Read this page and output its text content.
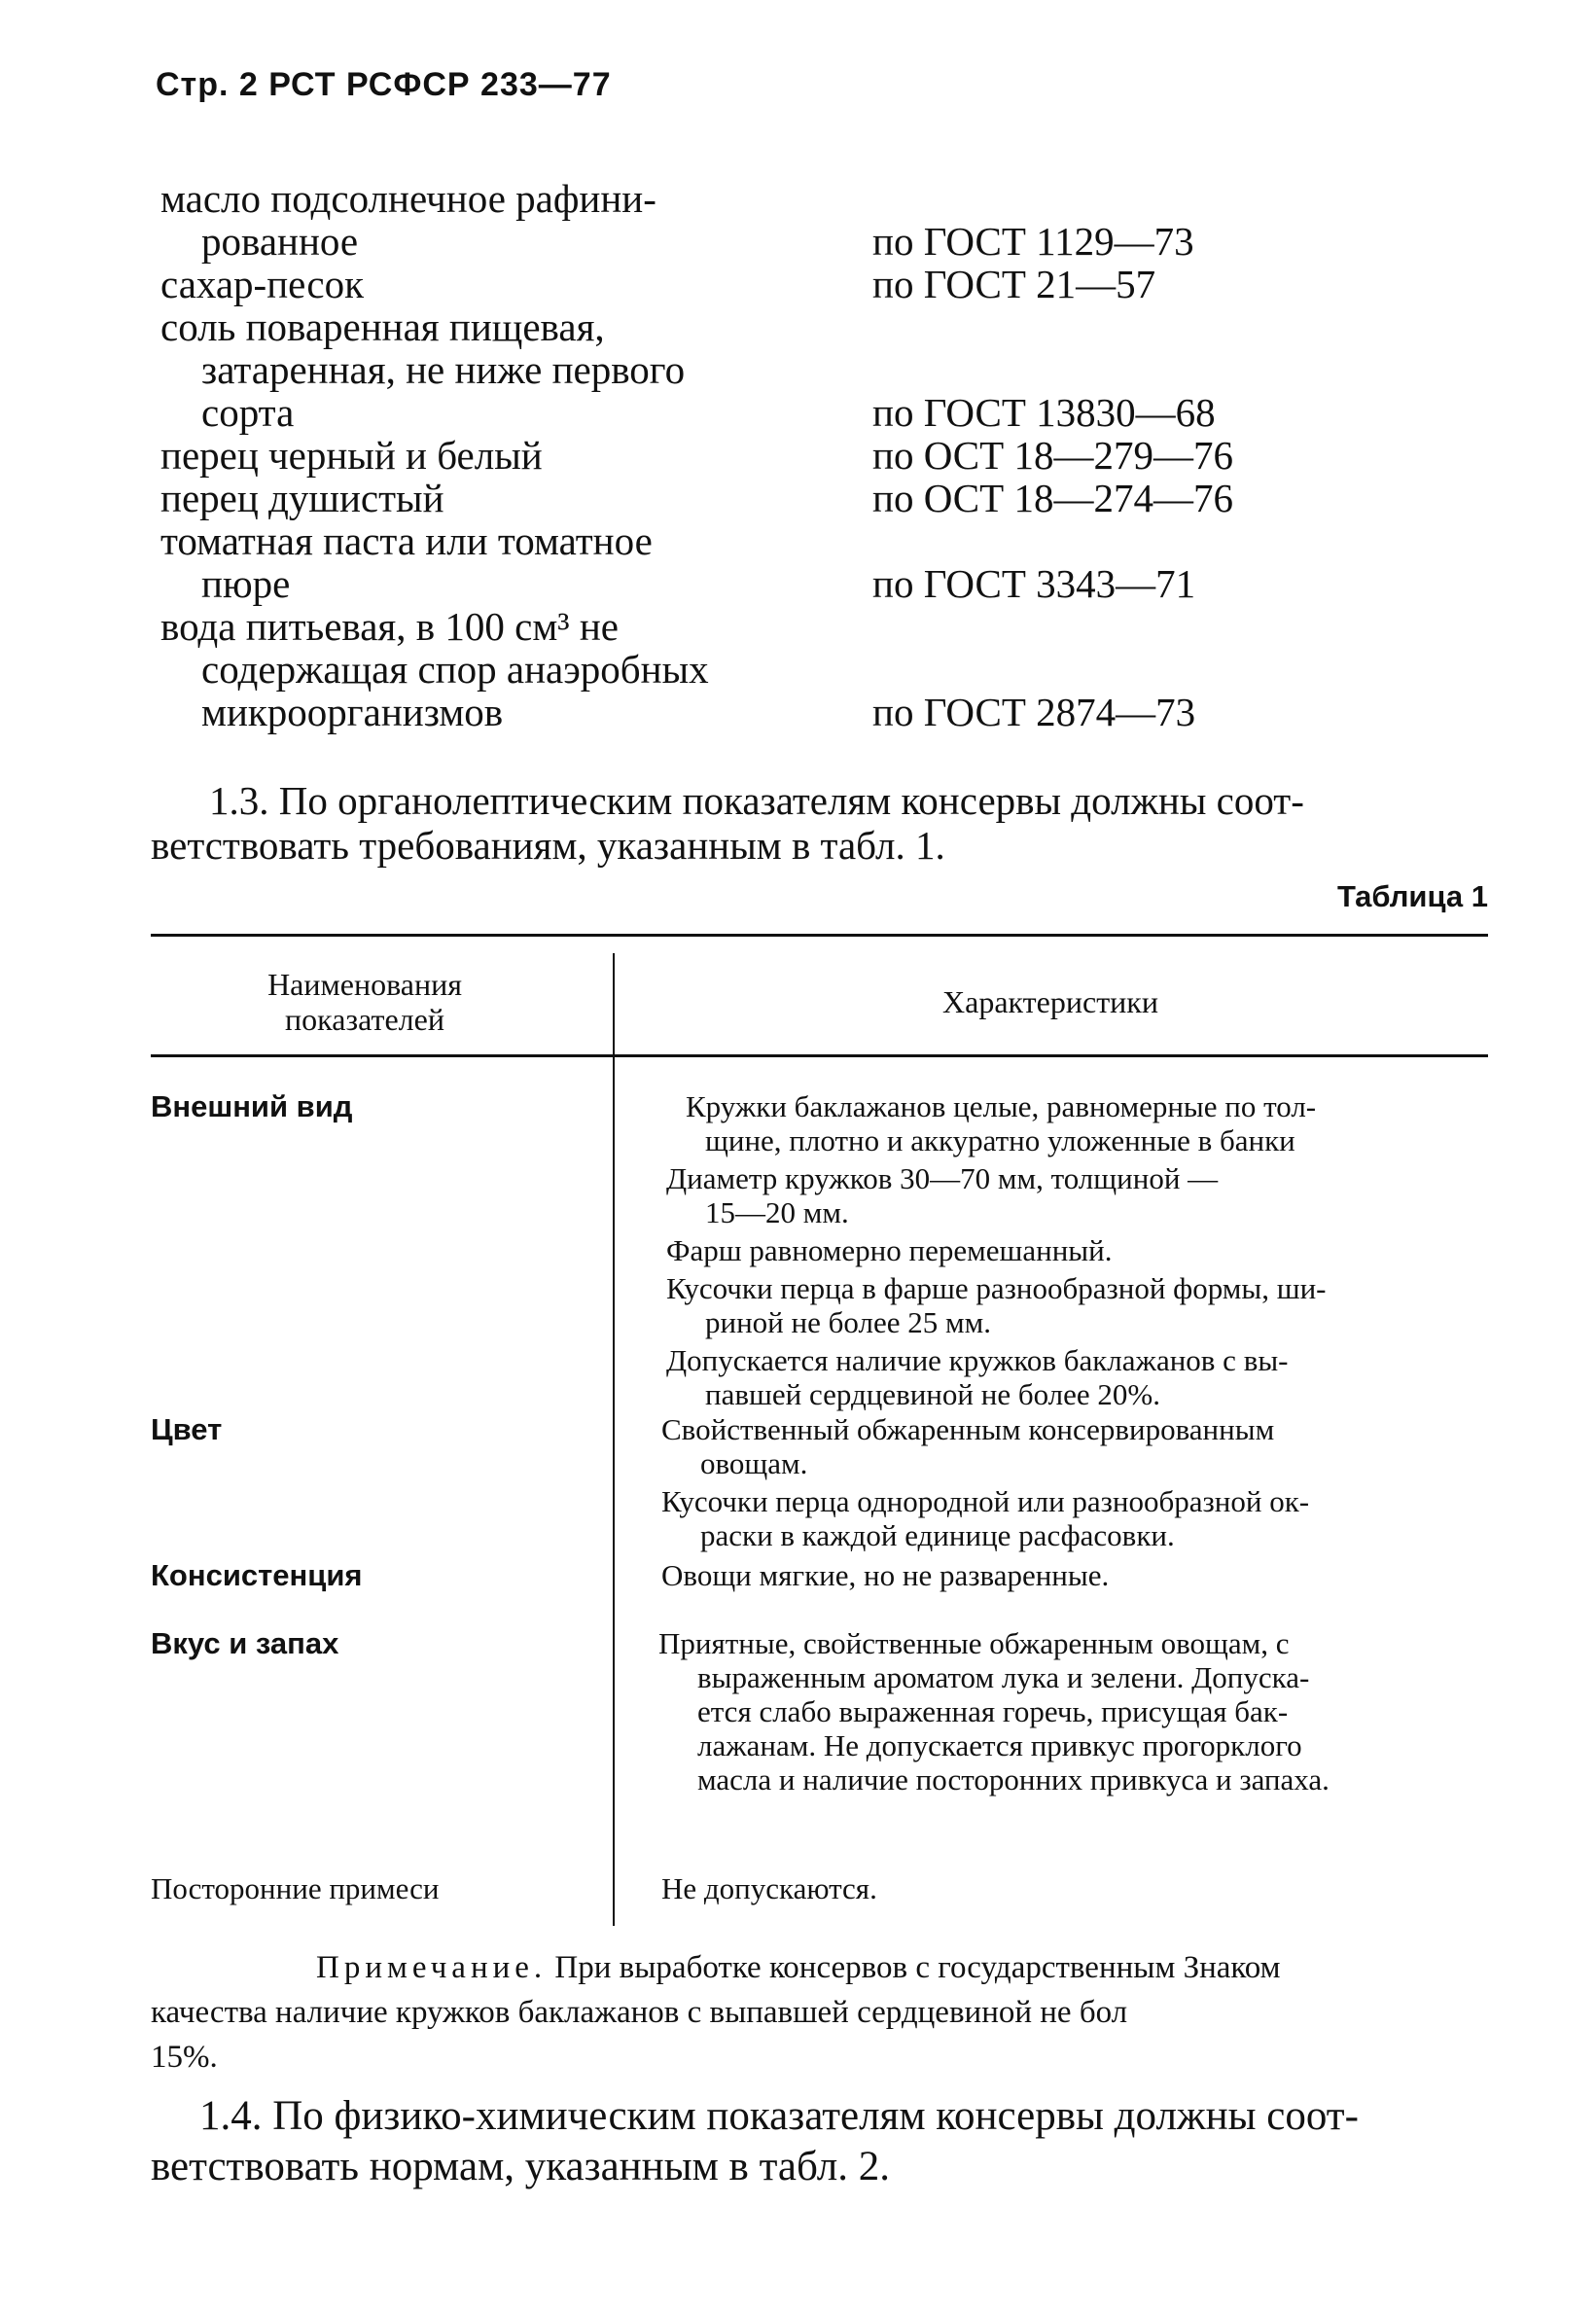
Стр. 2 РСТ РСФСР 233—77
масло подсолнечное рафини-
рованное	по ГОСТ 1129—73
сахар-песок	по ГОСТ 21—57
соль поваренная пищевая,
затаренная, не ниже первого
сорта	по ГОСТ 13830—68
перец черный и белый	по ОСТ 18—279—76
перец душистый	по ОСТ 18—274—76
томатная паста или томатное
пюре	по ГОСТ 3343—71
вода питьевая, в 100 см³ не
содержащая спор анаэробных
микроорганизмов	по ГОСТ 2874—73
1.3. По органолептическим показателям консервы должны соот-
ветствовать требованиям, указанным в табл. 1.
Таблица 1
Наименования
показателей	Характеристики
Внешний вид	Кружки баклажанов целые, равномерные по тол-
щине, плотно и аккуратно уложенные в банки
Диаметр кружков 30—70 мм, толщиной —
15—20 мм.
Фарш равномерно перемешанный.
Кусочки перца в фарше разнообразной формы, ши-
риной не более 25 мм.
Допускается наличие кружков баклажанов с вы-
павшей сердцевиной не более 20%.
Цвет	Свойственный обжаренным консервированным
овощам.
Кусочки перца однородной или разнообразной ок-
раски в каждой единице расфасовки.
Консистенция	Овощи мягкие, но не разваренные.
Вкус и запах	Приятные, свойственные обжаренным овощам, с
выраженным ароматом лука и зелени. Допуска-
ется слабо выраженная горечь, присущая бак-
лажанам. Не допускается привкус прогорклого
масла и наличие посторонних привкуса и запаха.
Посторонние примеси	Не допускаются.
Примечание. При выработке консервов с государственным Знаком
качества наличие кружков баклажанов с выпавшей сердцевиной не бол
15%.
1.4. По физико-химическим показателям консервы должны соот-
ветствовать нормам, указанным в табл. 2.
